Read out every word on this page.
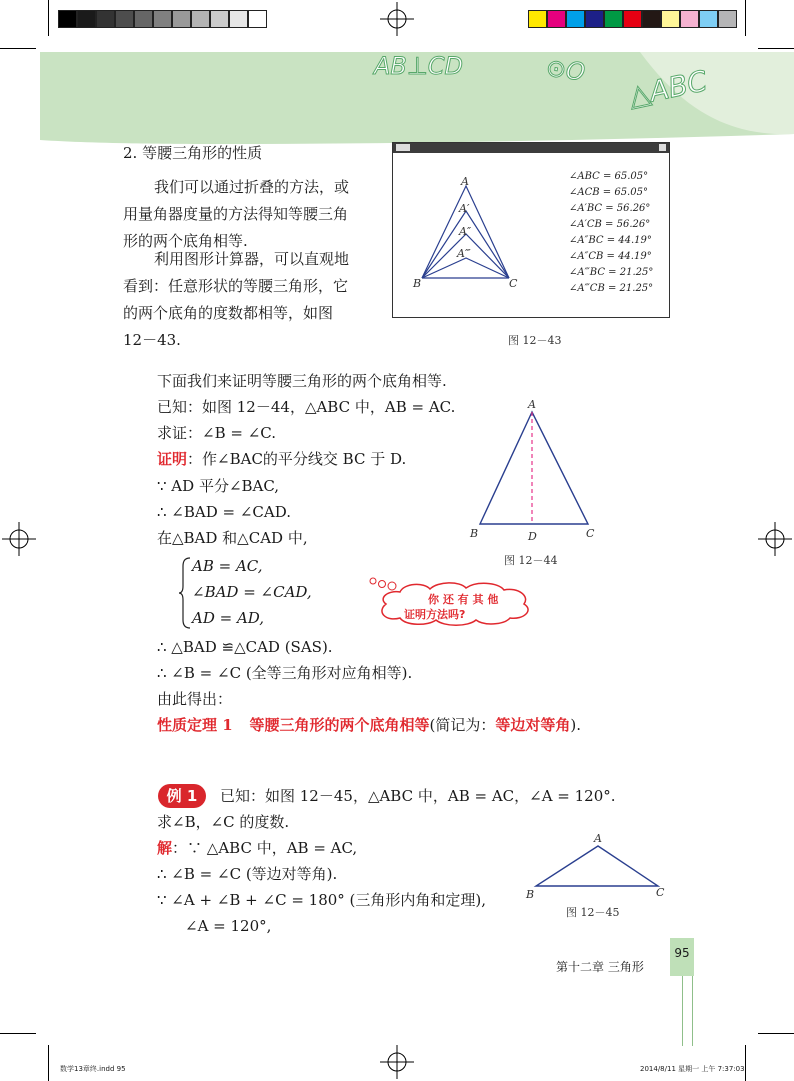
AB⊥CD	⊙O △ABC
2. 等腰三角形的性质
我们可以通过折叠的方法，或
用量角器度量的方法得知等腰三角
形的两个底角相等.
利用图形计算器，可以直观地
看到：任意形状的等腰三角形，它
的两个底角的度数都相等，如图
12－43.
A
A′
A″
A‴
B	C
∠ABC = 65.05°
∠ACB = 65.05°
∠A′BC = 56.26°
∠A′CB = 56.26°
∠A″BC = 44.19°
∠A″CB = 44.19°
∠A‴BC = 21.25°
∠A‴CB = 21.25°
图 12－43
下面我们来证明等腰三角形的两个底角相等.
已知：如图 12－44，△ABC 中，AB = AC.
求证：∠B = ∠C.
证明：作∠BAC的平分线交 BC 于 D.
∵ AD 平分∠BAC,
∴ ∠BAD = ∠CAD.
在△BAD 和△CAD 中,
AB = AC,
∠BAD = ∠CAD,
AD = AD,
∴ △BAD ≌△CAD (SAS).
∴ ∠B = ∠C (全等三角形对应角相等).
由此得出：
性质定理 1 等腰三角形的两个底角相等(简记为：等边对等角).
A
B	D	C
图 12－44
你 还 有 其 他
证明方法吗?
例 1	已知：如图 12－45，△ABC 中，AB = AC，∠A = 120°.
求∠B，∠C 的度数.
解：∵ △ABC 中，AB = AC,
∴ ∠B = ∠C (等边对等角).
∵ ∠A + ∠B + ∠C = 180° (三角形内角和定理),
∠A = 120°,
A
B	C
图 12－45
第十二章 三角形
95
数学13章终.indd 95	2014/8/11 星期一 上午 7:37:03
